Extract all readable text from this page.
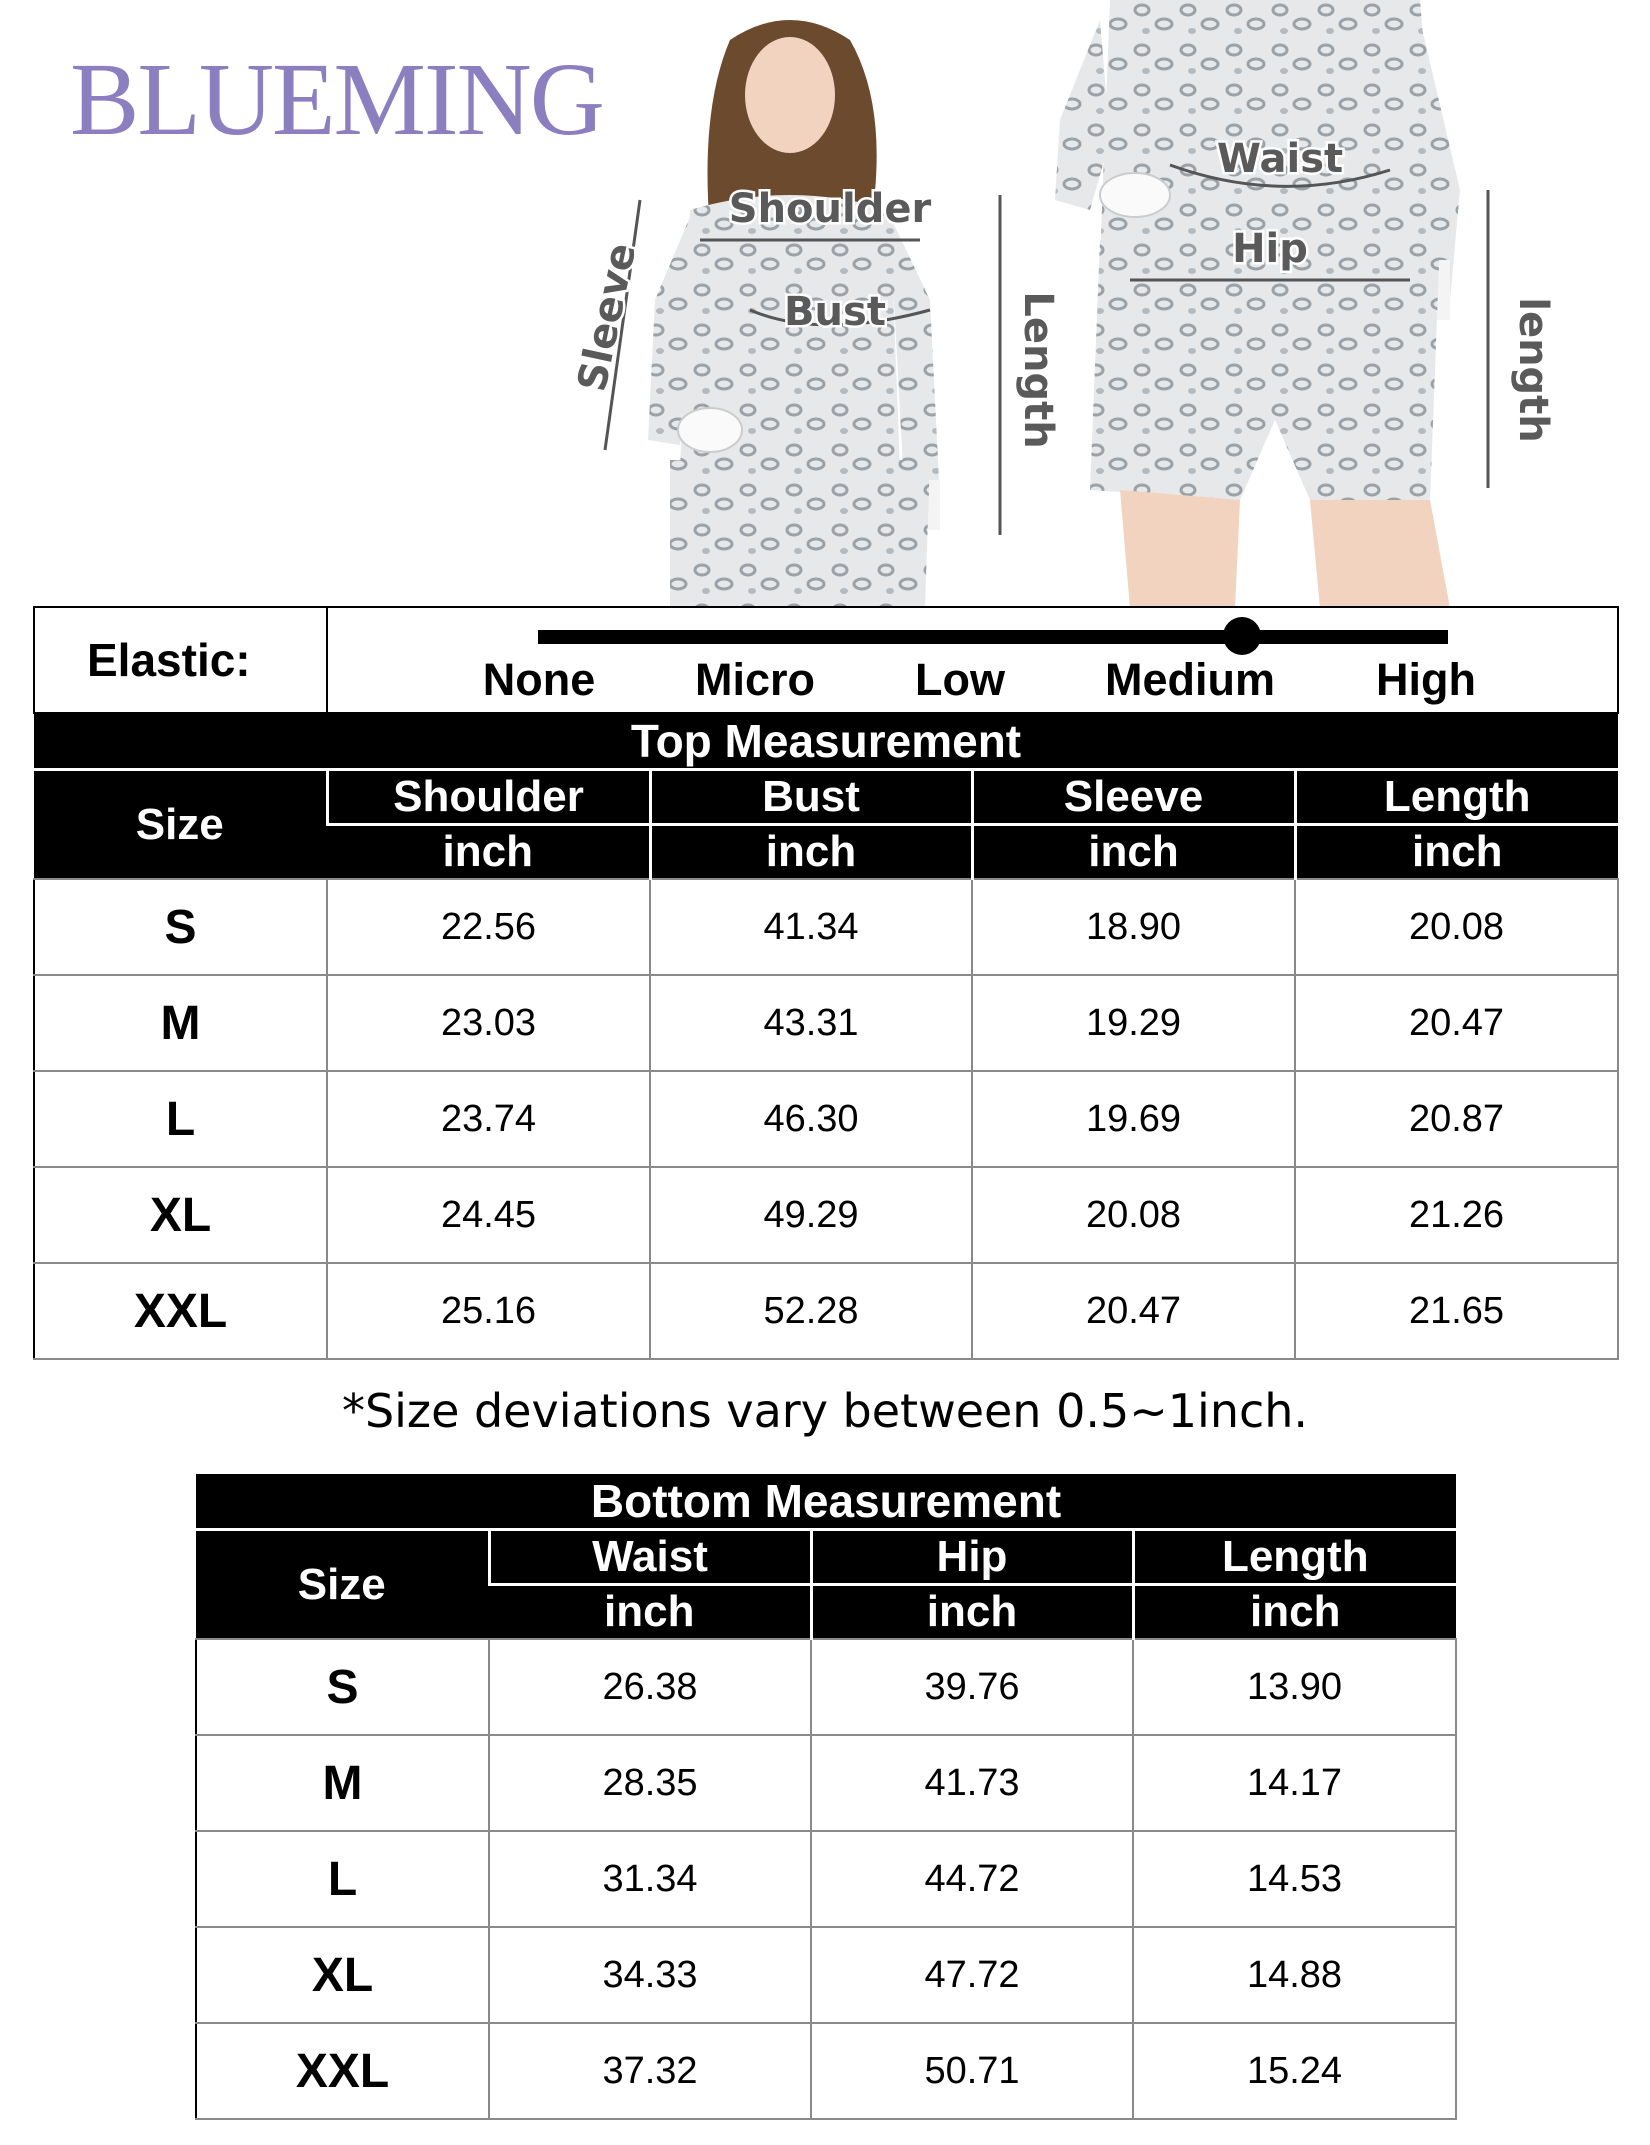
BLUEMING
Shoulder
Bust
Sleeve	Length
Waist
Hip
length
Elastic:	None Micro Low Medium High			

Top Measurement				
Size	Shoulder	Bust	Sleeve	Length
	inch	inch	inch	inch
S	22.56	41.34	18.90	20.08
M	23.03	43.31	19.29	20.47
L	23.74	46.30	19.69	20.87
XL	24.45	49.29	20.08	21.26
XXL	25.16	52.28	20.47	21.65
*Size deviations vary between 0.5~1inch.
Bottom Measurement			
Size	Waist	Hip	Length
	inch	inch	inch
S	26.38	39.76	13.90
M	28.35	41.73	14.17
L	31.34	44.72	14.53
XL	34.33	47.72	14.88
XXL	37.32	50.71	15.24
